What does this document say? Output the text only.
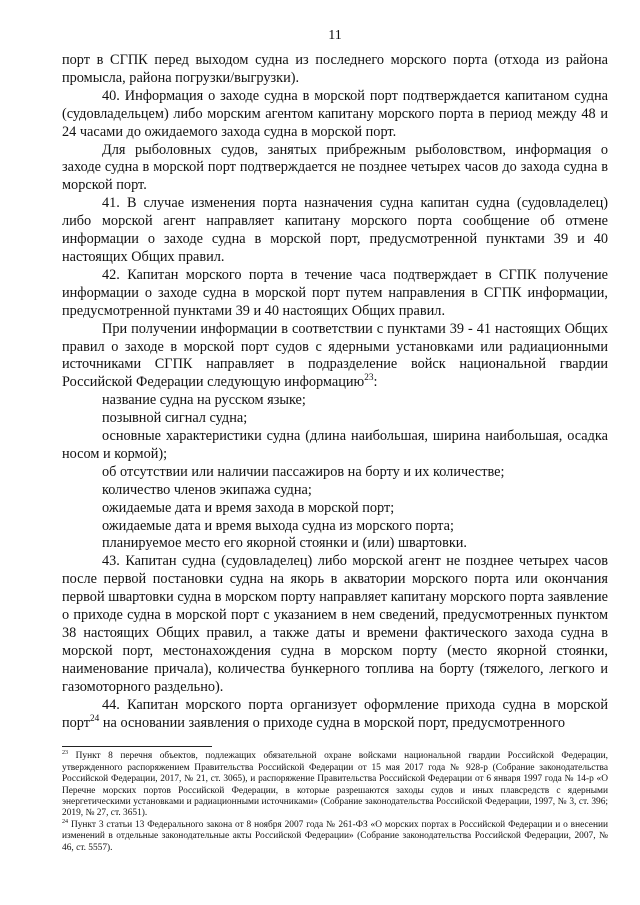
11

порт в СГПК перед выходом судна из последнего морского порта (отхода из района промысла, района погрузки/выгрузки).

40. Информация о заходе судна в морской порт подтверждается капитаном судна (судовладельцем) либо морским агентом капитану морского порта в период между 48 и 24 часами до ожидаемого захода судна в морской порт.

Для рыболовных судов, занятых прибрежным рыболовством, информация о заходе судна в морской порт подтверждается не позднее четырех часов до захода судна в морской порт.

41. В случае изменения порта назначения судна капитан судна (судовладелец) либо морской агент направляет капитану морского порта сообщение об отмене информации о заходе судна в морской порт, предусмотренной пунктами 39 и 40 настоящих Общих правил.

42. Капитан морского порта в течение часа подтверждает в СГПК получение информации о заходе судна в морской порт путем направления в СГПК информации, предусмотренной пунктами 39 и 40 настоящих Общих правил.

При получении информации в соответствии с пунктами 39 - 41 настоящих Общих правил о заходе в морской порт судов с ядерными установками или радиационными источниками СГПК направляет в подразделение войск национальной гвардии Российской Федерации следующую информацию$^{23}$:

название судна на русском языке;

позывной сигнал судна;

основные характеристики судна (длина наибольшая, ширина наибольшая, осадка носом и кормой);

об отсутствии или наличии пассажиров на борту и их количестве;

количество членов экипажа судна;

ожидаемые дата и время захода в морской порт;

ожидаемые дата и время выхода судна из морского порта;

планируемое место его якорной стоянки и (или) швартовки.

43. Капитан судна (судовладелец) либо морской агент не позднее четырех часов после первой постановки судна на якорь в акватории морского порта или окончания первой швартовки судна в морском порту направляет капитану морского порта заявление о приходе судна в морской порт с указанием в нем сведений, предусмотренных пунктом 38 настоящих Общих правил, а также даты и времени фактического захода судна в морской порт, местонахождения судна в морском порту (место якорной стоянки, наименование причала), количества бункерного топлива на борту (тяжелого, легкого и газомоторного раздельно).

44. Капитан морского порта организует оформление прихода судна в морской порт$^{24}$ на основании заявления о приходе судна в морской порт, предусмотренного

$^{23}$ Пункт 8 перечня объектов, подлежащих обязательной охране войсками национальной гвардии Российской Федерации, утвержденного распоряжением Правительства Российской Федерации от 15 мая 2017 года № 928-р (Собрание законодательства Российской Федерации, 2017, № 21, ст. 3065), и распоряжение Правительства Российской Федерации от 6 января 1997 года № 14-р «О Перечне морских портов Российской Федерации, в которые разрешаются заходы судов и иных плавсредств с ядерными энергетическими установками и радиационными источниками» (Собрание законодательства Российской Федерации, 1997, № 3, ст. 396; 2019, № 27, ст. 3651).

$^{24}$ Пункт 3 статьи 13 Федерального закона от 8 ноября 2007 года № 261-ФЗ «О морских портах в Российской Федерации и о внесении изменений в отдельные законодательные акты Российской Федерации» (Собрание законодательства Российской Федерации, 2007, № 46, ст. 5557).
